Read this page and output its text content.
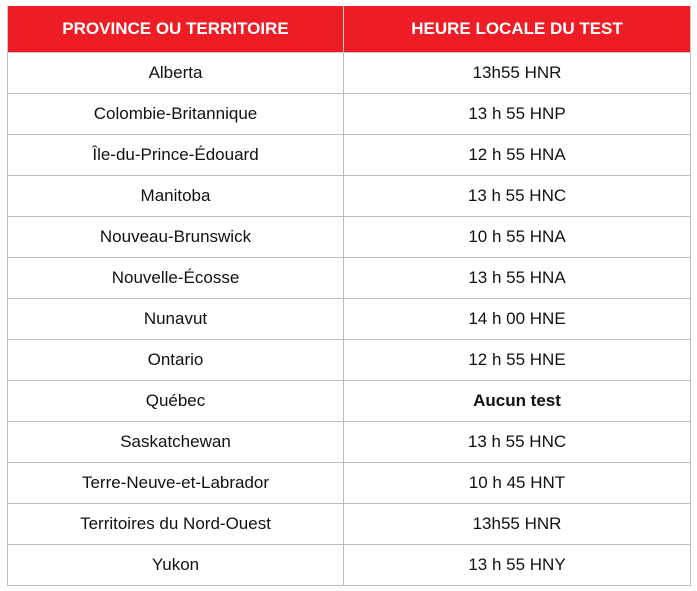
PROVINCE OU TERRITOIRE	HEURE LOCALE DU TEST
Alberta	13h55 HNR
Colombie-Britannique	13 h 55 HNP
Île-du-Prince-Édouard	12 h 55 HNA
Manitoba	13 h 55 HNC
Nouveau-Brunswick	10 h 55 HNA
Nouvelle-Écosse	13 h 55 HNA
Nunavut	14 h 00 HNE
Ontario	12 h 55 HNE
Québec	Aucun test
Saskatchewan	13 h 55 HNC
Terre-Neuve-et-Labrador	10 h 45 HNT
Territoires du Nord-Ouest	13h55 HNR
Yukon	13 h 55 HNY
